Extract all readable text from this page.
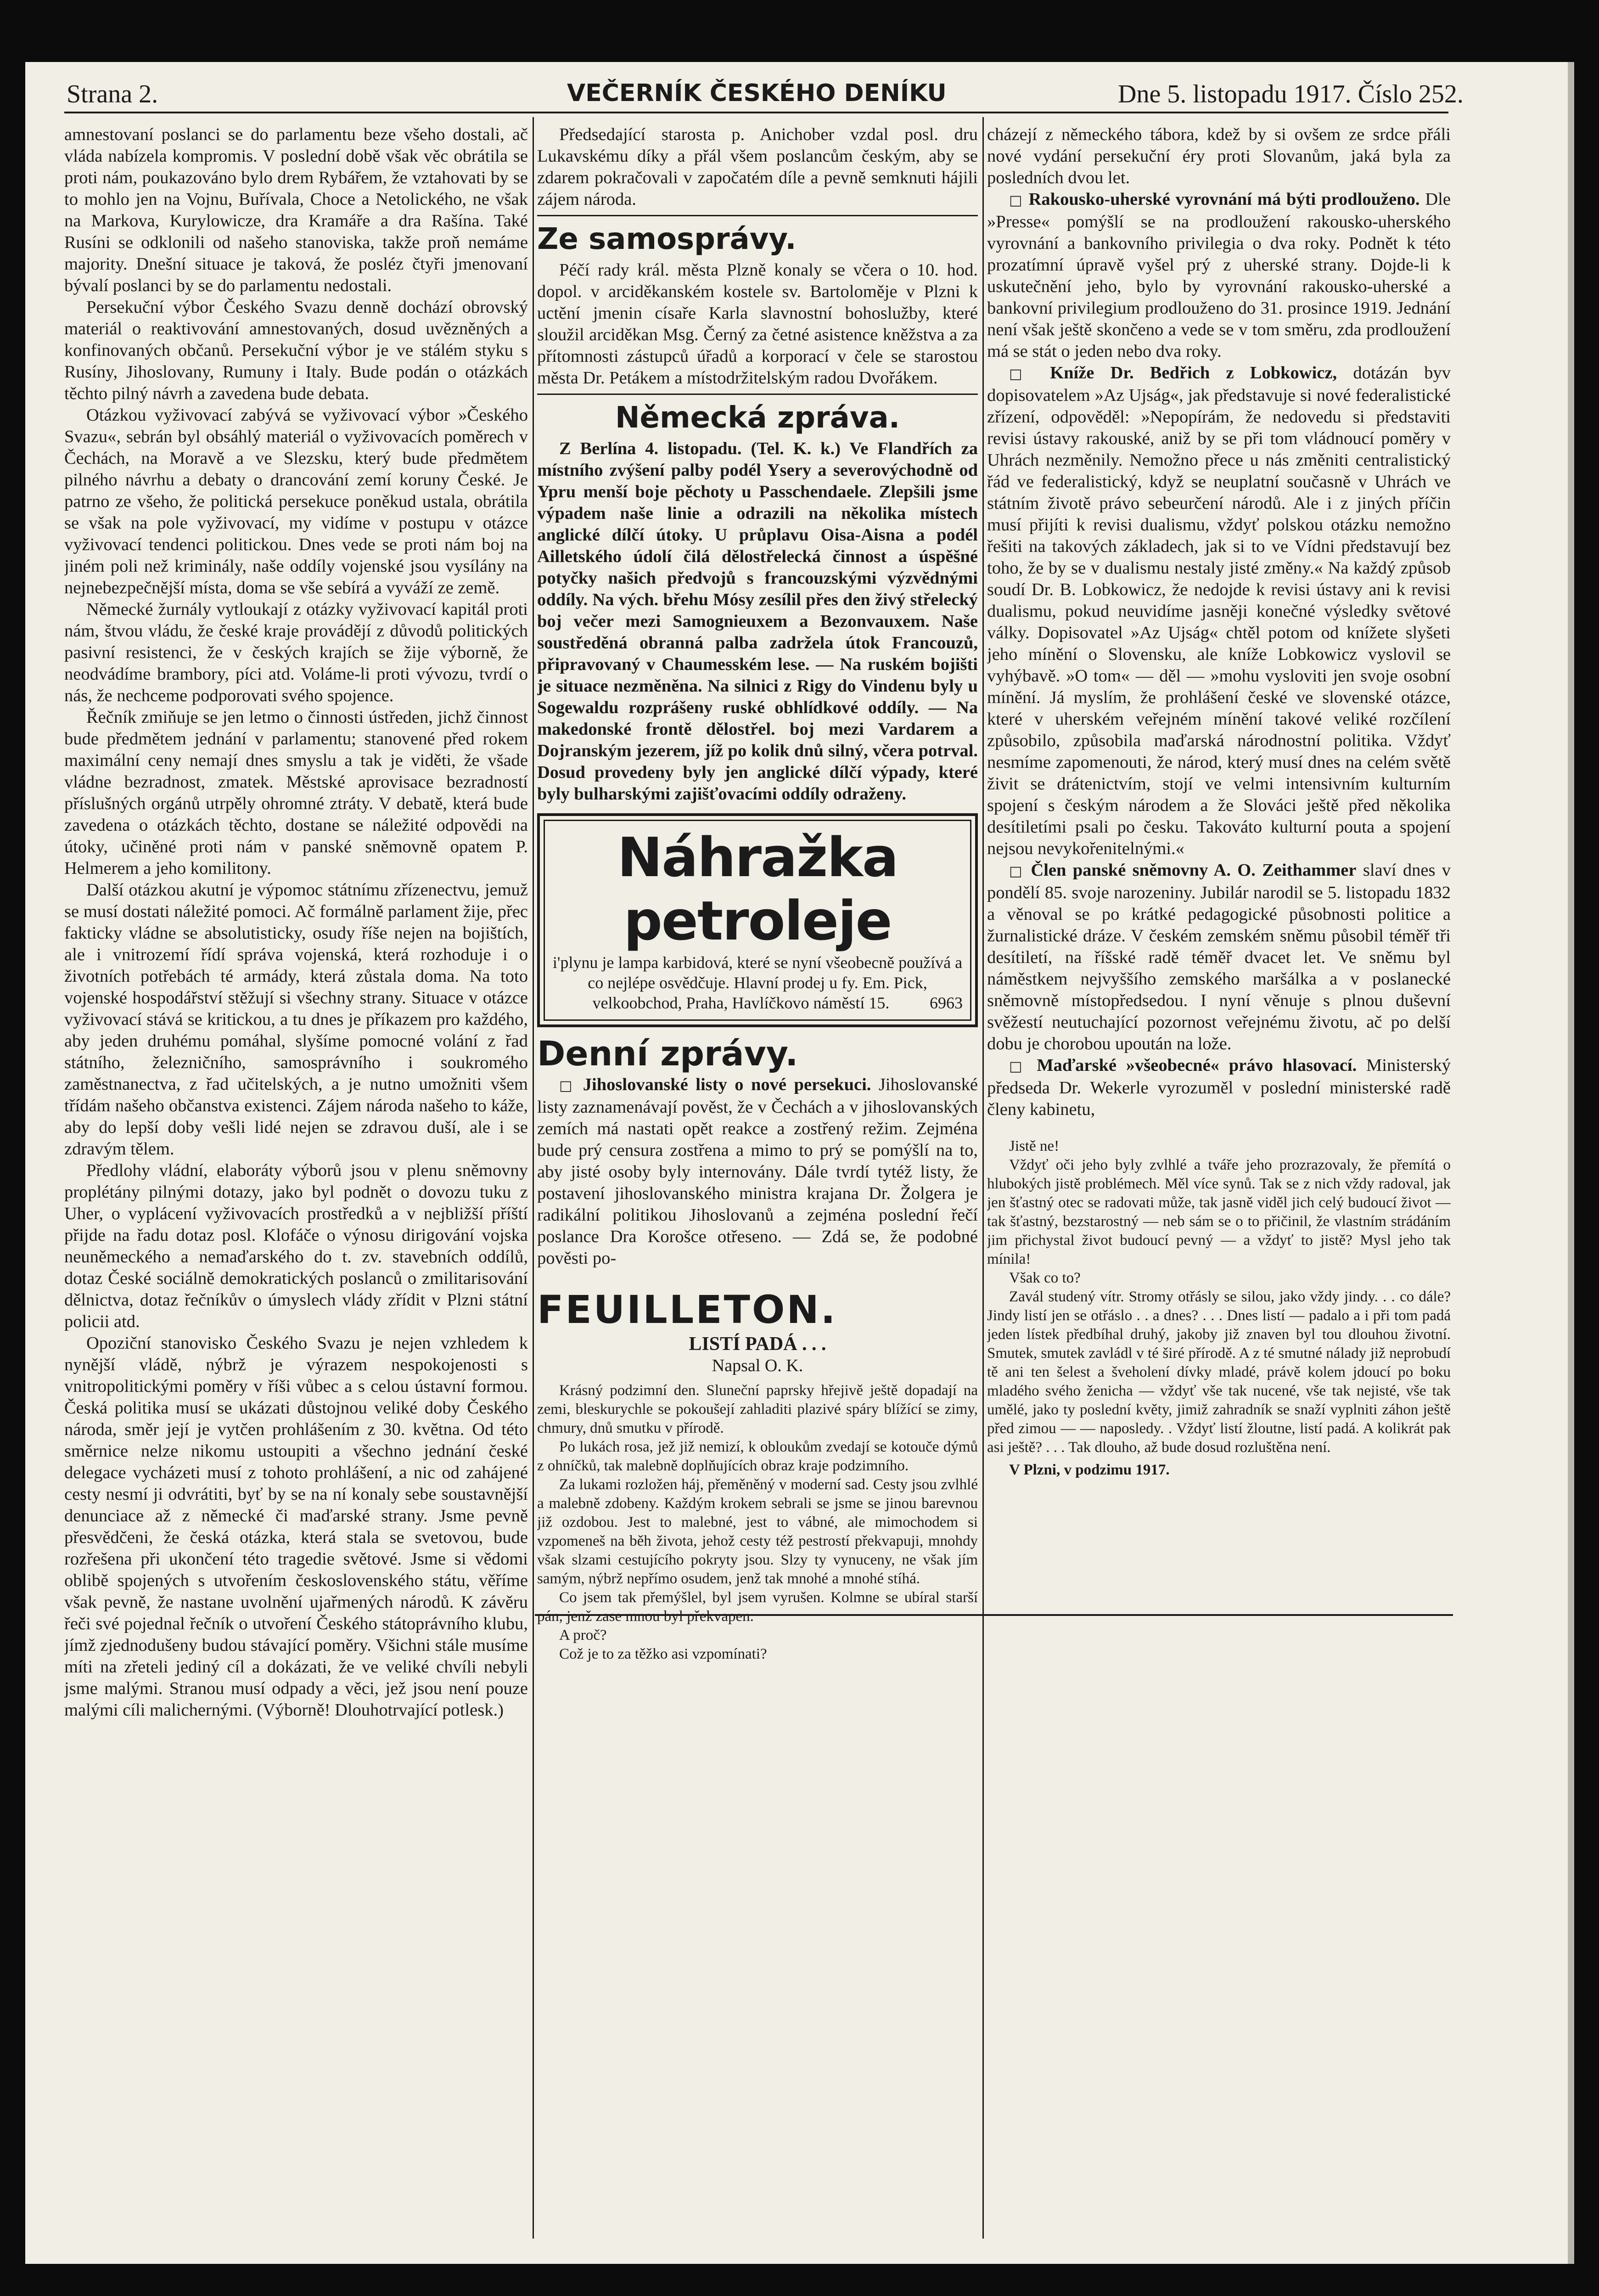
Strana 2.	VEČERNÍK ČESKÉHO DENÍKU	Dne 5. listopadu 1917. Číslo 252.

amnestovaní poslanci se do parlamentu beze všeho dostali, ač vláda nabízela kompromis. V poslední době však věc obrátila se proti nám, poukazováno bylo drem Rybářem, že vztahovati by se to mohlo jen na Vojnu, Buřívala, Choce a Netolického, ne však na Markova, Kurylowicze, dra Kramáře a dra Rašína. Také Rusíni se odklonili od našeho stanoviska, takže proň nemáme majority. Dnešní situace je taková, že posléz čtyři jmenovaní bývalí poslanci by se do parlamentu nedostali.

Persekuční výbor Českého Svazu denně dochází obrovský materiál o reaktivování amnestovaných, dosud uvězněných a konfinovaných občanů. Persekuční výbor je ve stálém styku s Rusíny, Jihoslovany, Rumuny i Italy. Bude podán o otázkách těchto pilný návrh a zavedena bude debata.

Otázkou vyživovací zabývá se vyživovací výbor »Českého Svazu«, sebrán byl obsáhlý materiál o vyživovacích poměrech v Čechách, na Moravě a ve Slezsku, který bude předmětem pilného návrhu a debaty o drancování zemí koruny České. Je patrno ze všeho, že politická persekuce poněkud ustala, obrátila se však na pole vyživovací, my vidíme v postupu v otázce vyživovací tendenci politickou. Dnes vede se proti nám boj na jiném poli než kriminály, naše oddíly vojenské jsou vysílány na nejnebezpečnější místa, doma se vše sebírá a vyváží ze země.

Německé žurnály vytloukají z otázky vyživovací kapitál proti nám, štvou vládu, že české kraje provádějí z důvodů politických pasivní resistenci, že v českých krajích se žije výborně, že neodvádíme brambory, píci atd. Voláme-li proti vývozu, tvrdí o nás, že nechceme podporovati svého spojence.

Řečník zmiňuje se jen letmo o činnosti ústředen, jichž činnost bude předmětem jednání v parlamentu; stanovené před rokem maximální ceny nemají dnes smyslu a tak je viděti, že všade vládne bezradnost, zmatek. Městské aprovisace bezradností příslušných orgánů utrpěly ohromné ztráty. V debatě, která bude zavedena o otázkách těchto, dostane se náležité odpovědi na útoky, učiněné proti nám v panské sněmovně opatem P. Helmerem a jeho komilitony.

Další otázkou akutní je výpomoc státnímu zřízenectvu, jemuž se musí dostati náležité pomoci. Ač formálně parlament žije, přec fakticky vládne se absolutisticky, osudy říše nejen na bojištích, ale i vnitrozemí řídí správa vojenská, která rozhoduje i o životních potřebách té armády, která zůstala doma. Na toto vojenské hospodářství stěžují si všechny strany. Situace v otázce vyživovací stává se kritickou, a tu dnes je příkazem pro každého, aby jeden druhému pomáhal, slyšíme pomocné volání z řad státního, železničního, samosprávního i soukromého zaměstnanectva, z řad učitelských, a je nutno umožniti všem třídám našeho občanstva existenci. Zájem národa našeho to káže, aby do lepší doby vešli lidé nejen se zdravou duší, ale i se zdravým tělem.

Předlohy vládní, elaboráty výborů jsou v plenu sněmovny proplétány pilnými dotazy, jako byl podnět o dovozu tuku z Uher, o vyplácení vyživovacích prostředků a v nejbližší příští přijde na řadu dotaz posl. Klofáče o výnosu dirigování vojska neuněmeckého a nemaďarského do t. zv. stavebních oddílů, dotaz České sociálně demokratických poslanců o zmilitarisování dělnictva, dotaz řečníkův o úmyslech vlády zřídit v Plzni státní policii atd.

Opoziční stanovisko Českého Svazu je nejen vzhledem k nynější vládě, nýbrž je výrazem nespokojenosti s vnitropolitickými poměry v říši vůbec a s celou ústavní formou. Česká politika musí se ukázati důstojnou veliké doby Českého národa, směr její je vytčen prohlášením z 30. května. Od této směrnice nelze nikomu ustoupiti a všechno jednání české delegace vycházeti musí z tohoto prohlášení, a nic od zahájené cesty nesmí ji odvrátiti, byť by se na ní konaly sebe soustavnější denunciace až z německé či maďarské strany. Jsme pevně přesvědčeni, že česká otázka, která stala se svetovou, bude rozřešena při ukončení této tragedie světové. Jsme si vědomi oblibě spojených s utvořením československého státu, věříme však pevně, že nastane uvolnění ujařmených národů. K závěru řeči své pojednal řečník o utvoření Českého státoprávního klubu, jímž zjednodušeny budou stávající poměry. Všichni stále musíme míti na zřeteli jediný cíl a dokázati, že ve veliké chvíli nebyli jsme malými. Stranou musí odpady a věci, jež jsou není pouze malými cíli malichernými. (Výborně! Dlouhotrvající potlesk.)

Předsedající starosta p. Anichober vzdal posl. dru Lukavskému díky a přál všem poslancům českým, aby se zdarem pokračovali v započatém díle a pevně semknuti hájili zájem národa.

Ze samosprávy.

Péčí rady král. města Plzně konaly se včera o 10. hod. dopol. v arciděkanském kostele sv. Bartoloměje v Plzni k uctění jmenin císaře Karla slavnostní bohoslužby, které sloužil arciděkan Msg. Černý za četné asistence kněžstva a za přítomnosti zástupců úřadů a korporací v čele se starostou města Dr. Petákem a místodržitelským radou Dvořákem.

Německá zpráva.

Z Berlína 4. listopadu. (Tel. K. k.) Ve Flandřích za místního zvýšení palby podél Ysery a severovýchodně od Ypru menší boje pěchoty u Passchendaele. Zlepšili jsme výpadem naše linie a odrazili na několika místech anglické dílčí útoky. U průplavu Oisa-Aisna a podél Ailletského údolí čilá dělostřelecká činnost a úspěšné potyčky našich předvojů s francouzskými výzvědnými oddíly. Na vých. břehu Mósy zesílil přes den živý střelecký boj večer mezi Samognieuxem a Bezonvauxem. Naše soustředěná obranná palba zadržela útok Francouzů, připravovaný v Chaumesském lese. — Na ruském bojišti je situace nezměněna. Na silnici z Rigy do Vindenu byly u Sogewaldu rozprášeny ruské obhlídkové oddíly. — Na makedonské frontě dělostřel. boj mezi Vardarem a Dojranským jezerem, jíž po kolik dnů silný, včera potrval. Dosud provedeny byly jen anglické dílčí výpady, které byly bulharskými zajišťovacími oddíly odraženy.

Náhražka petroleje
i'plynu je lampa karbidová, které se nyní všeobecně používá a co nejlépe osvědčuje. Hlavní prodej u fy. Em. Pick, velkoobchod, Praha, Havlíčkovo náměstí 15. 6963
Denní zprávy.

□ Jihoslovanské listy o nové persekuci. Jihoslovanské listy zaznamenávají pověst, že v Čechách a v jihoslovanských zemích má nastati opět reakce a zostřený režim. Zejména bude prý censura zostřena a mimo to prý se pomýšlí na to, aby jisté osoby byly internovány. Dále tvrdí tytéž listy, že postavení jihoslovanského ministra krajana Dr. Žolgera je radikální politikou Jihoslovanů a zejména poslední řečí poslance Dra Korošce otřeseno. — Zdá se, že podobné pověsti po-

FEUILLETON.
LISTÍ PADÁ . . .
Napsal O. K.

Krásný podzimní den. Sluneční paprsky hřejivě ještě dopadají na zemi, bleskurychle se pokoušejí zahladiti plazivé spáry blížící se zimy, chmury, dnů smutku v přírodě.

Po lukách rosa, jež již nemizí, k obloukům zvedají se kotouče dýmů z ohníčků, tak malebně doplňujících obraz kraje podzimního.

Za lukami rozložen háj, přeměněný v moderní sad. Cesty jsou zvlhlé a malebně zdobeny. Každým krokem sebrali se jsme se jinou barevnou již ozdobou. Jest to malebné, jest to vábné, ale mimochodem si vzpomeneš na běh života, jehož cesty též pestrostí překvapuji, mnohdy však slzami cestujícího pokryty jsou. Slzy ty vynuceny, ne však jím samým, nýbrž nepřímo osudem, jenž tak mnohé a mnohé stíhá.

Co jsem tak přemýšlel, byl jsem vyrušen. Kolmne se ubíral starší pán, jenž zase mnou byl překvapen.

A proč?

Což je to za těžko asi vzpomínati?

cházejí z německého tábora, kdež by si ovšem ze srdce přáli nové vydání persekuční éry proti Slovanům, jaká byla za posledních dvou let.

□ Rakousko-uherské vyrovnání má býti prodlouženo. Dle »Presse« pomýšlí se na prodloužení rakousko-uherského vyrovnání a bankovního privilegia o dva roky. Podnět k této prozatímní úpravě vyšel prý z uherské strany. Dojde-li k uskutečnění jeho, bylo by vyrovnání rakousko-uherské a bankovní privilegium prodlouženo do 31. prosince 1919. Jednání není však ještě skončeno a vede se v tom směru, zda prodloužení má se stát o jeden nebo dva roky.

□ Kníže Dr. Bedřich z Lobkowicz, dotázán byv dopisovatelem »Az Ujság«, jak představuje si nové federalistické zřízení, odpověděl: »Nepopírám, že nedovedu si představiti revisi ústavy rakouské, aniž by se při tom vládnoucí poměry v Uhrách nezměnily. Nemožno přece u nás změniti centralistický řád ve federalistický, když se neuplatní současně v Uhrách ve státním životě právo sebeurčení národů. Ale i z jiných příčin musí přijíti k revisi dualismu, vždyť polskou otázku nemožno řešiti na takových základech, jak si to ve Vídni představují bez toho, že by se v dualismu nestaly jisté změny.« Na každý způsob soudí Dr. B. Lobkowicz, že nedojde k revisi ústavy ani k revisi dualismu, pokud neuvidíme jasněji konečné výsledky světové války. Dopisovatel »Az Ujság« chtěl potom od knížete slyšeti jeho mínění o Slovensku, ale kníže Lobkowicz vyslovil se vyhýbavě. »O tom« — děl — »mohu vysloviti jen svoje osobní mínění. Já myslím, že prohlášení české ve slovenské otázce, které v uherském veřejném mínění takové veliké rozčílení způsobilo, způsobila maďarská národnostní politika. Vždyť nesmíme zapomenouti, že národ, který musí dnes na celém světě živit se drátenictvím, stojí ve velmi intensivním kulturním spojení s českým národem a že Slováci ještě před několika desítiletími psali po česku. Takováto kulturní pouta a spojení nejsou nevykořenitelnými.«

□ Člen panské sněmovny A. O. Zeithammer slaví dnes v pondělí 85. svoje narozeniny. Jubilár narodil se 5. listopadu 1832 a věnoval se po krátké pedagogické působnosti politice a žurnalistické dráze. V českém zemském sněmu působil téměř tři desítiletí, na říšské radě téměř dvacet let. Ve sněmu byl náměstkem nejvyššího zemského maršálka a v poslanecké sněmovně místopředsedou. I nyní věnuje s plnou duševní svěžestí neutuchající pozornost veřejnému životu, ač po delší dobu je chorobou upoután na lože.

□ Maďarské »všeobecné« právo hlasovací. Ministerský předseda Dr. Wekerle vyrozuměl v poslední ministerské radě členy kabinetu,

Jistě ne!

Vždyť oči jeho byly zvlhlé a tváře jeho prozrazovaly, že přemítá o hlubokých jistě problémech. Měl více synů. Tak se z nich vždy radoval, jak jen šťastný otec se radovati může, tak jasně viděl jich celý budoucí život — tak šťastný, bezstarostný — neb sám se o to přičinil, že vlastním strádáním jim přichystal život budoucí pevný — a vždyť to jistě? Mysl jeho tak mínila!

Však co to?

Zavál studený vítr. Stromy otřásly se silou, jako vždy jindy. . . co dále? Jindy listí jen se otřáslo . . a dnes? . . . Dnes listí — padalo a i při tom padá jeden lístek předbíhal druhý, jakoby již znaven byl tou dlouhou životní. Smutek, smutek zavládl v té širé přírodě. A z té smutné nálady již neprobudí tě ani ten šelest a šveholení dívky mladé, právě kolem jdoucí po boku mladého svého ženicha — vždyť vše tak nucené, vše tak nejisté, vše tak umělé, jako ty poslední květy, jimiž zahradník se snaží vyplniti záhon ještě před zimou — — naposledy. . Vždyť listí žloutne, listí padá. A kolikrát pak asi ještě? . . . Tak dlouho, až bude dosud rozluštěna není.

V Plzni, v podzimu 1917.
